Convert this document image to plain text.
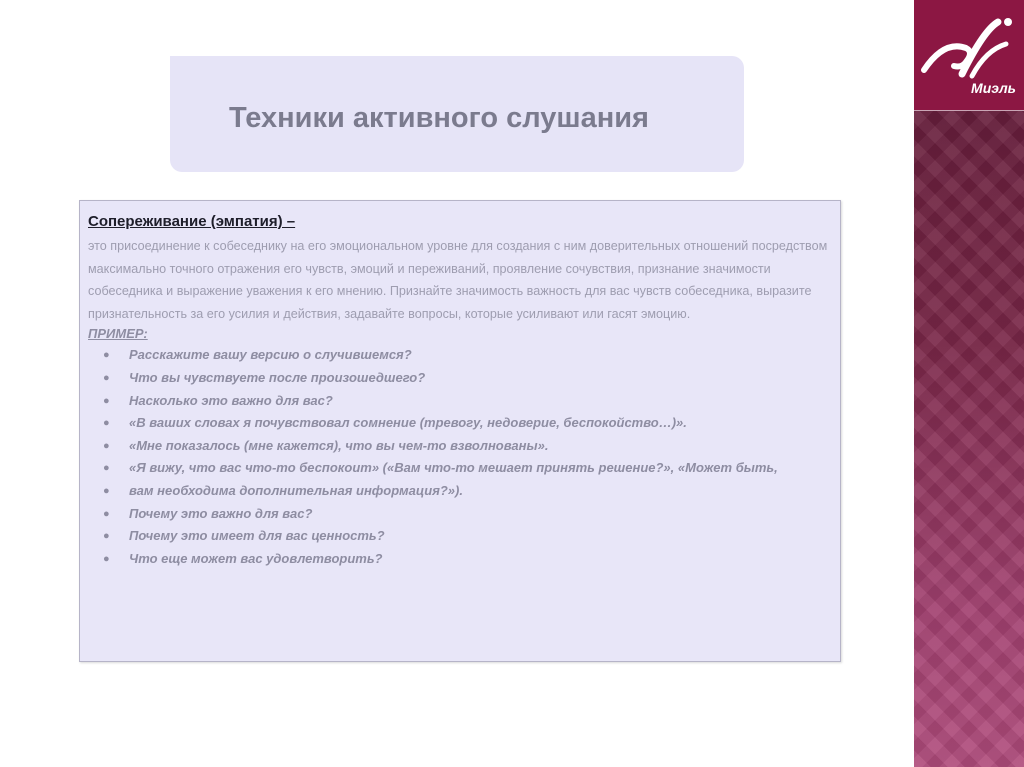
Техники активного слушания
Сопереживание (эмпатия) –

это присоединение к собеседнику на его эмоциональном уровне для создания с ним доверительных отношений посредством максимально точного отражения его чувств, эмоций и переживаний, проявление сочувствия, признание значимости собеседника и выражение уважения к его мнению. Признайте значимость важность для вас чувств собеседника, выразите признательность за его усилия и действия, задавайте вопросы, которые усиливают или гасят эмоцию.

ПРИМЕР:
● Расскажите вашу версию о случившемся?
● Что вы чувствуете после произошедшего?
● Насколько это важно для вас?
● «В ваших словах я почувствовал сомнение (тревогу, недоверие, беспокойство…)».
● «Мне показалось (мне кажется), что вы чем-то взволнованы».
● «Я вижу, что вас что-то беспокоит» («Вам что-то мешает принять решение?», «Может быть,
● вам необходима дополнительная информация?»).
● Почему это важно для вас?
● Почему это имеет для вас ценность?
● Что еще может вас удовлетворить?
Миэль
